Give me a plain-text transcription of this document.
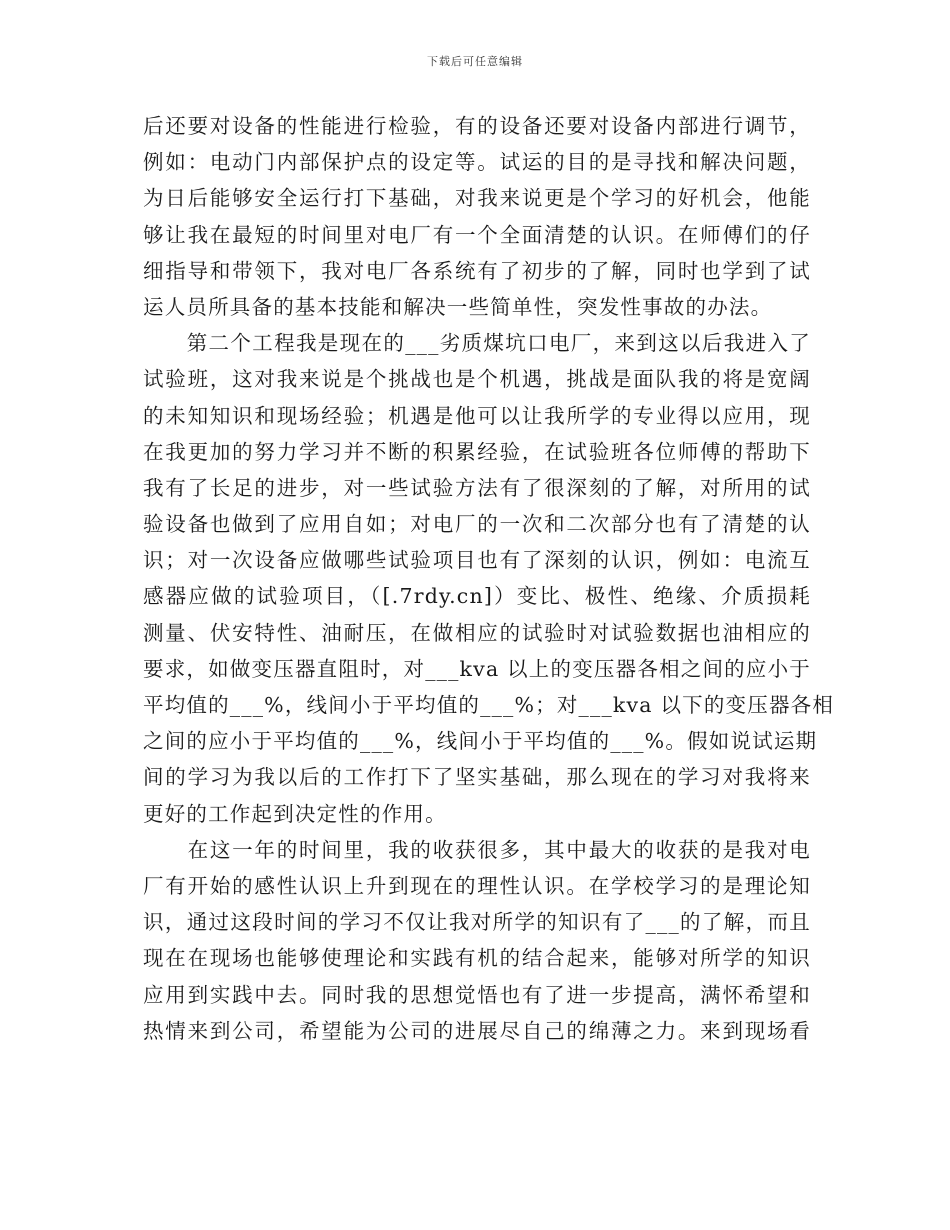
下载后可任意编辑
后还要对设备的性能进行检验，有的设备还要对设备内部进行调节，
例如：电动门内部保护点的设定等。试运的目的是寻找和解决问题，
为日后能够安全运行打下基础，对我来说更是个学习的好机会，他能
够让我在最短的时间里对电厂有一个全面清楚的认识。在师傅们的仔
细指导和带领下，我对电厂各系统有了初步的了解，同时也学到了试
运人员所具备的基本技能和解决一些简单性，突发性事故的办法。
　　第二个工程我是现在的___劣质煤坑口电厂，来到这以后我进入了
试验班，这对我来说是个挑战也是个机遇，挑战是面队我的将是宽阔
的未知知识和现场经验；机遇是他可以让我所学的专业得以应用，现
在我更加的努力学习并不断的积累经验，在试验班各位师傅的帮助下
我有了长足的进步，对一些试验方法有了很深刻的了解，对所用的试
验设备也做到了应用自如；对电厂的一次和二次部分也有了清楚的认
识；对一次设备应做哪些试验项目也有了深刻的认识，例如：电流互
感器应做的试验项目，（[.7rdy.cn]）变比、极性、绝缘、介质损耗
测量、伏安特性、油耐压，在做相应的试验时对试验数据也油相应的
要求，如做变压器直阻时，对___kva 以上的变压器各相之间的应小于
平均值的___%，线间小于平均值的___%；对___kva 以下的变压器各相
之间的应小于平均值的___%，线间小于平均值的___%。假如说试运期
间的学习为我以后的工作打下了坚实基础，那么现在的学习对我将来
更好的工作起到决定性的作用。
　　在这一年的时间里，我的收获很多，其中最大的收获的是我对电
厂有开始的感性认识上升到现在的理性认识。在学校学习的是理论知
识，通过这段时间的学习不仅让我对所学的知识有了___的了解，而且
现在在现场也能够使理论和实践有机的结合起来，能够对所学的知识
应用到实践中去。同时我的思想觉悟也有了进一步提高，满怀希望和
热情来到公司，希望能为公司的进展尽自己的绵薄之力。来到现场看
